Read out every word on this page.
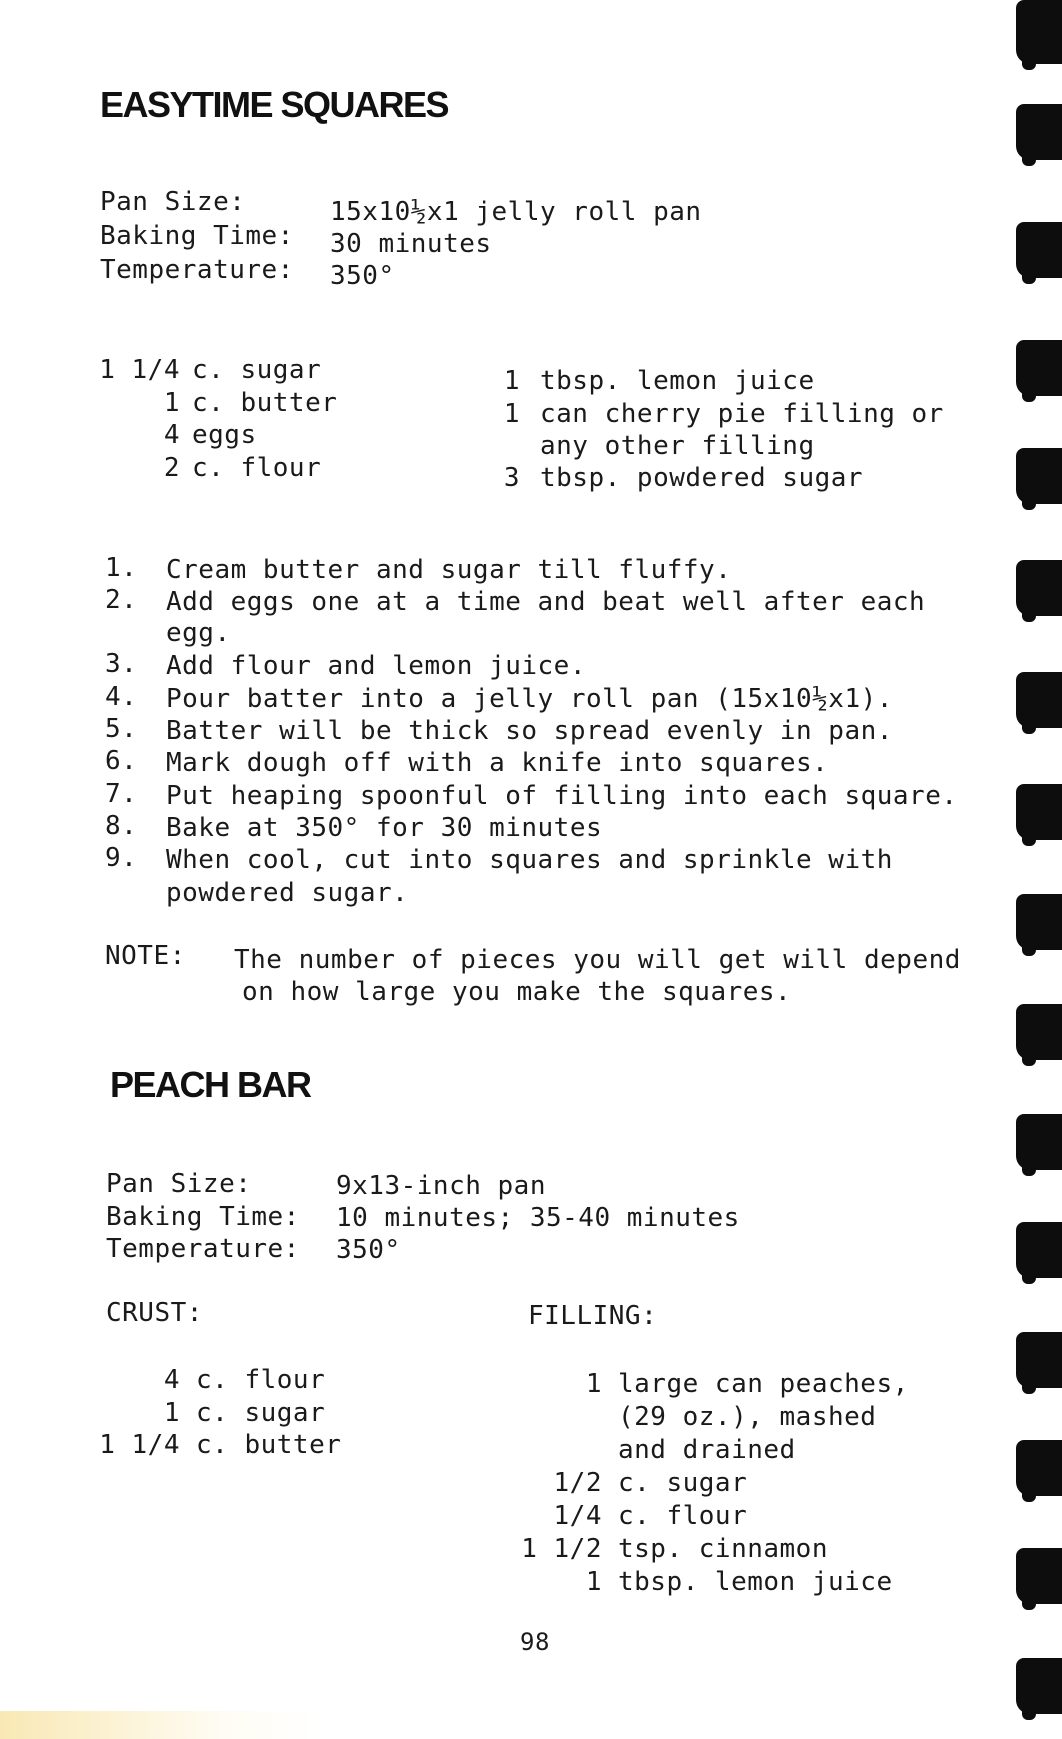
EASYTIME SQUARES
Pan Size:	15x10½x1 jelly roll pan
Baking Time: 30 minutes
Temperature: 350°
1 1/4 c. sugar
1 c. butter
4 eggs
2 c. flour
1 tbsp. lemon juice
1 can cherry pie filling or
any other filling
3 tbsp. powdered sugar
1. Cream butter and sugar till fluffy.
2. Add eggs one at a time and beat well after each
egg.
3. Add flour and lemon juice.
4. Pour batter into a jelly roll pan (15x10½x1).
5. Batter will be thick so spread evenly in pan.
6. Mark dough off with a knife into squares.
7. Put heaping spoonful of filling into each square.
8. Bake at 350° for 30 minutes
9. When cool, cut into squares and sprinkle with
powdered sugar.
NOTE: The number of pieces you will get will depend
on how large you make the squares.
PEACH BAR
Pan Size:	9x13-inch pan
Baking Time: 10 minutes; 35-40 minutes
Temperature: 350°
CRUST:	FILLING:
4 c. flour
1 c. sugar
1 1/4 c. butter
1 large can peaches,
(29 oz.), mashed
and drained
1/2 c. sugar
1/4 c. flour
1 1/2 tsp. cinnamon
1 tbsp. lemon juice
98
